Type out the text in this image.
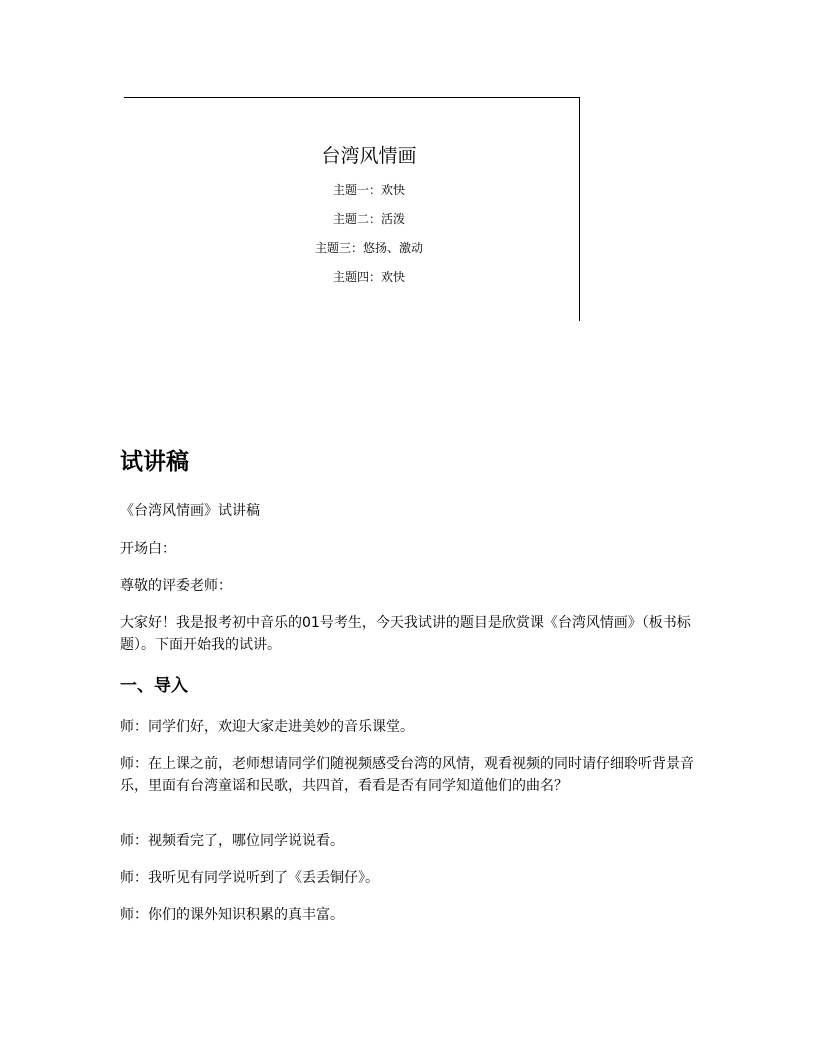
台湾风情画
主题一：欢快
主题二：活泼
主题三：悠扬、激动
主题四：欢快
试讲稿

《台湾风情画》试讲稿

开场白：

尊敬的评委老师：

大家好！我是报考初中音乐的01号考生，今天我试讲的题目是欣赏课《台湾风情画》（板书标题）。下面开始我的试讲。

一、导入

师：同学们好，欢迎大家走进美妙的音乐课堂。

师：在上课之前，老师想请同学们随视频感受台湾的风情，观看视频的同时请仔细聆听背景音乐，里面有台湾童谣和民歌，共四首，看看是否有同学知道他们的曲名？

师：视频看完了，哪位同学说说看。

师：我听见有同学说听到了《丢丢铜仔》。

师：你们的课外知识积累的真丰富。
